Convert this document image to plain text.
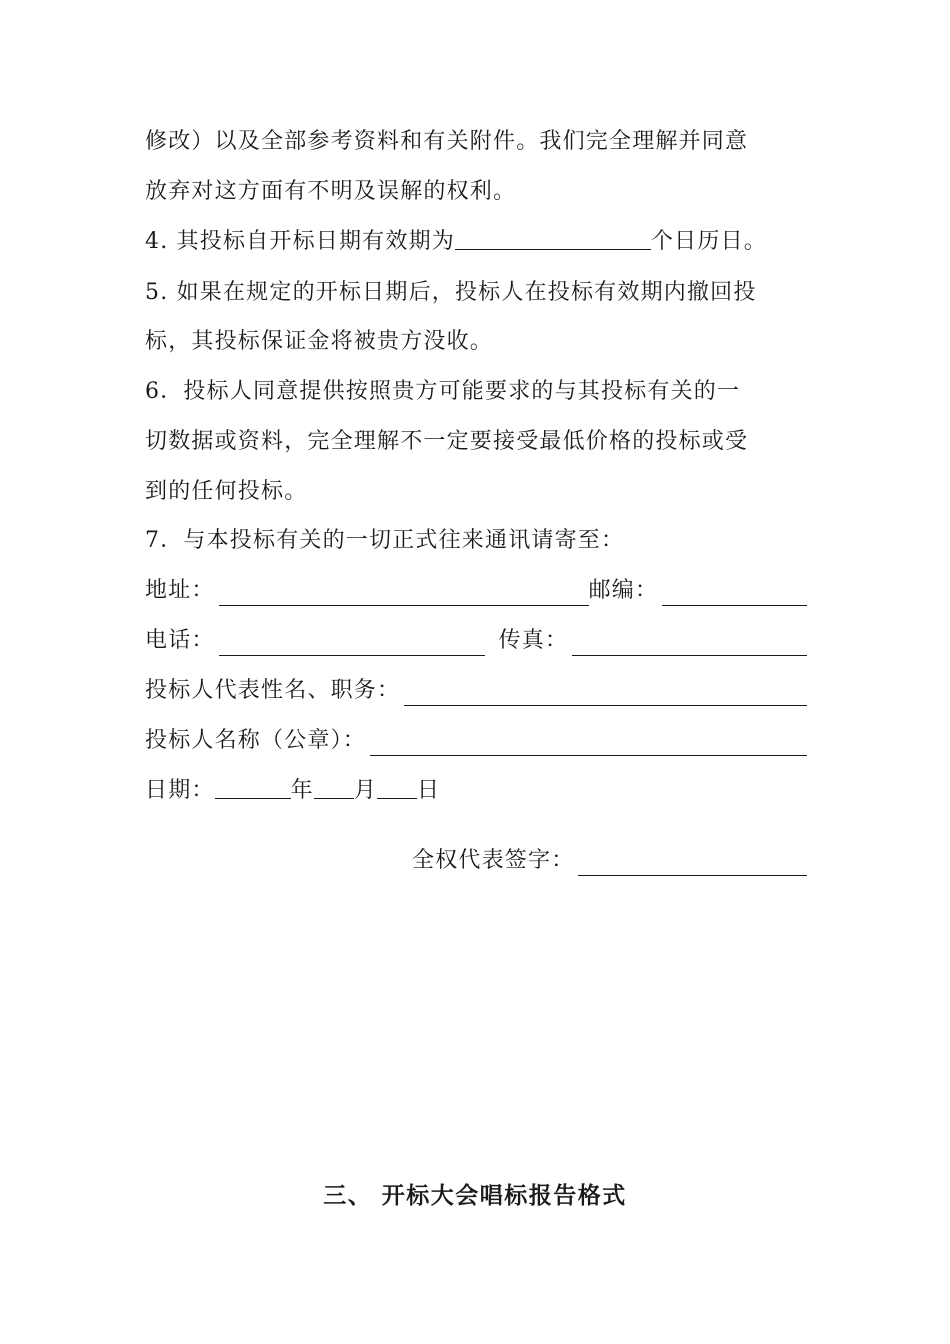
修改）以及全部参考资料和有关附件。我们完全理解并同意
放弃对这方面有不明及误解的权利。
4. 其投标自开标日期有效期为	个日历日。
5. 如果在规定的开标日期后，投标人在投标有效期内撤回投
标，其投标保证金将被贵方没收。
6．投标人同意提供按照贵方可能要求的与其投标有关的一
切数据或资料，完全理解不一定要接受最低价格的投标或受
到的任何投标。
7．与本投标有关的一切正式往来通讯请寄至：
地址：	邮编：
电话：	传真：
投标人代表性名、职务：
投标人名称（公章）：
日期：	年 月 日
全权代表签字：
三、 开标大会唱标报告格式
